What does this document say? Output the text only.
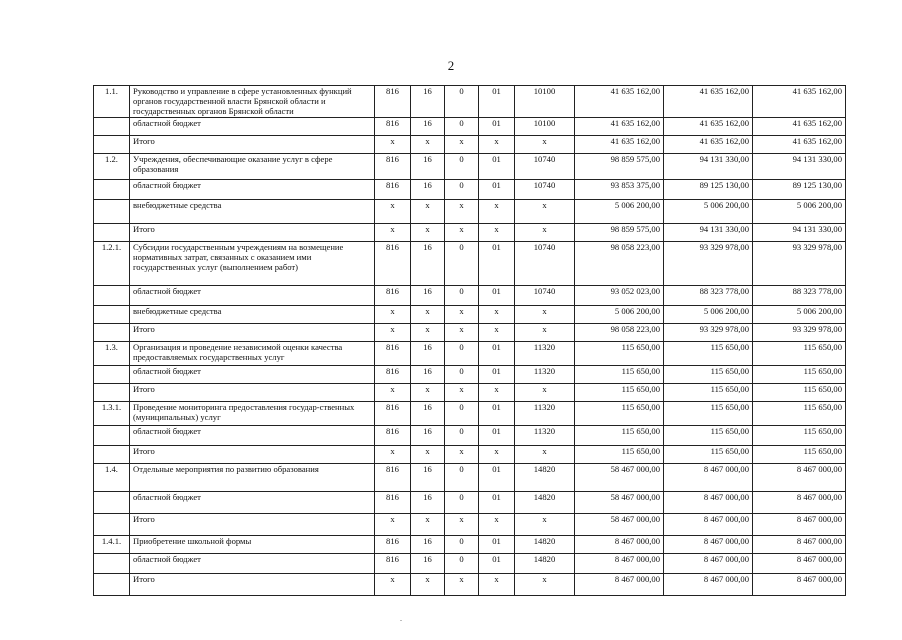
2
1.1.	Руководство и управление в сфере установленных функций органов государственной власти Брянской области и государственных органов Брянской области	816	16	0	01	10100	41 635 162,00	41 635 162,00	41 635 162,00
	областной бюджет	816	16	0	01	10100	41 635 162,00	41 635 162,00	41 635 162,00
	Итого	x	x	x	x	x	41 635 162,00	41 635 162,00	41 635 162,00
1.2.	Учреждения, обеспечивающие оказание услуг в сфере образования	816	16	0	01	10740	98 859 575,00	94 131 330,00	94 131 330,00
	областной бюджет	816	16	0	01	10740	93 853 375,00	89 125 130,00	89 125 130,00
	внебюджетные средства	x	x	x	x	x	5 006 200,00	5 006 200,00	5 006 200,00
	Итого	x	x	x	x	x	98 859 575,00	94 131 330,00	94 131 330,00
1.2.1.	Субсидии государственным учреждениям на возмещение нормативных затрат, связанных с оказанием ими государственных услуг (выполнением работ)	816	16	0	01	10740	98 058 223,00	93 329 978,00	93 329 978,00
	областной бюджет	816	16	0	01	10740	93 052 023,00	88 323 778,00	88 323 778,00
	внебюджетные средства	x	x	x	x	x	5 006 200,00	5 006 200,00	5 006 200,00
	Итого	x	x	x	x	x	98 058 223,00	93 329 978,00	93 329 978,00
1.3.	Организация и проведение независимой оценки качества предоставляемых государственных услуг	816	16	0	01	11320	115 650,00	115 650,00	115 650,00
	областной бюджет	816	16	0	01	11320	115 650,00	115 650,00	115 650,00
	Итого	x	x	x	x	x	115 650,00	115 650,00	115 650,00
1.3.1.	Проведение мониторинга предоставления государ-ственных (муниципальных) услуг	816	16	0	01	11320	115 650,00	115 650,00	115 650,00
	областной бюджет	816	16	0	01	11320	115 650,00	115 650,00	115 650,00
	Итого	x	x	x	x	x	115 650,00	115 650,00	115 650,00
1.4.	Отдельные мероприятия по развитию образования	816	16	0	01	14820	58 467 000,00	8 467 000,00	8 467 000,00
	областной бюджет	816	16	0	01	14820	58 467 000,00	8 467 000,00	8 467 000,00
	Итого	x	x	x	x	x	58 467 000,00	8 467 000,00	8 467 000,00
1.4.1.	Приобретение школьной формы	816	16	0	01	14820	8 467 000,00	8 467 000,00	8 467 000,00
	областной бюджет	816	16	0	01	14820	8 467 000,00	8 467 000,00	8 467 000,00
	Итого	x	x	x	x	x	8 467 000,00	8 467 000,00	8 467 000,00
.
